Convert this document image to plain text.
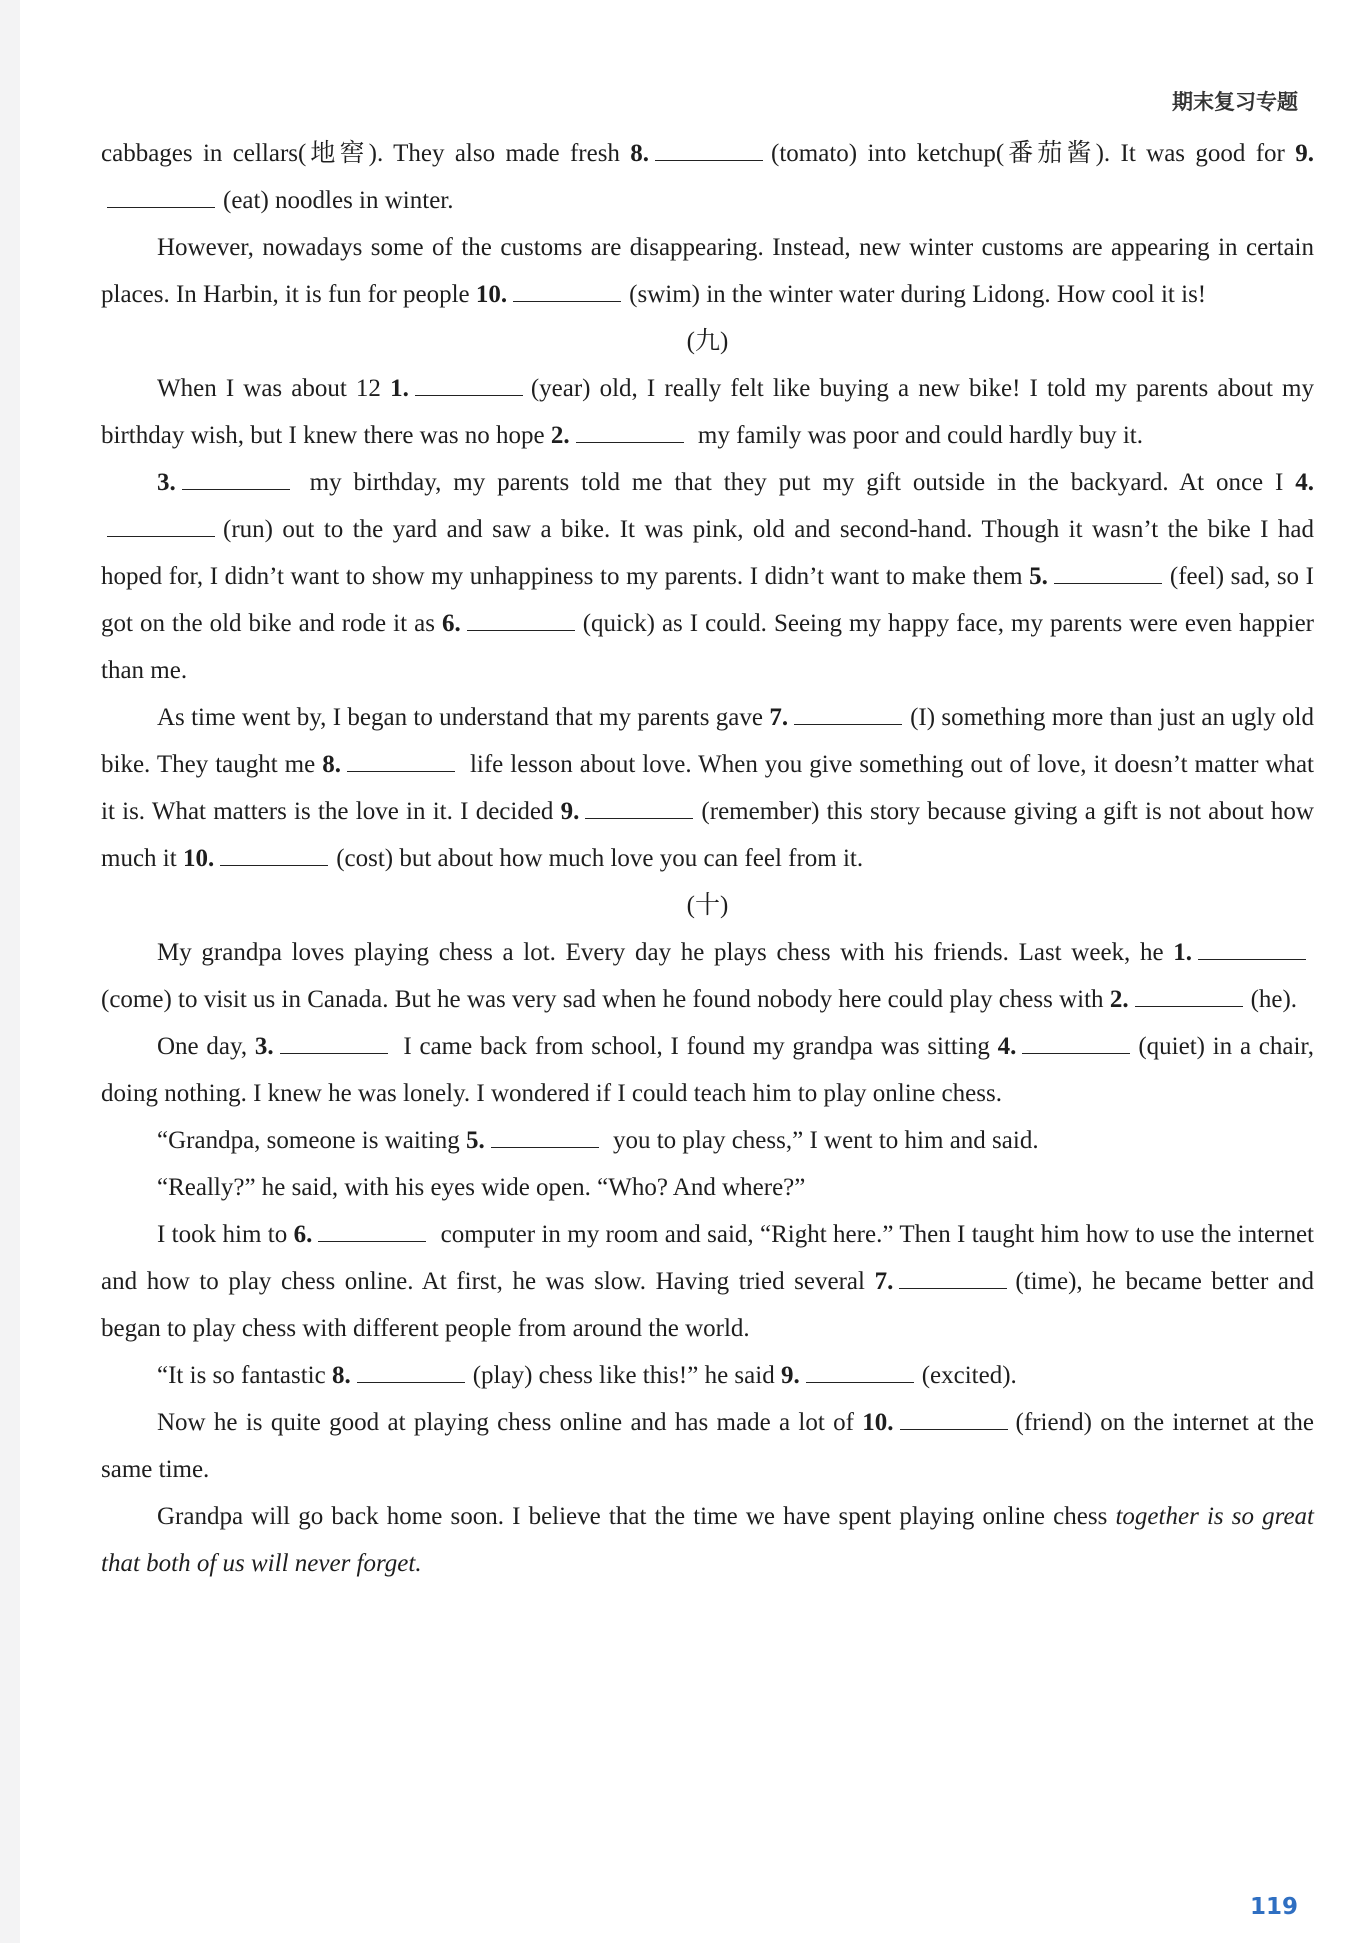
期末复习专题

cabbages in cellars(地窖). They also made fresh 8.	(tomato) into ketchup(番茄酱). It was good for 9.(eat) noodles in winter.

However, nowadays some of the customs are disappearing. Instead, new winter customs are appearing in certain places. In Harbin, it is fun for people 10.	(swim) in the winter water during Lidong. How cool it is!

(九)

When I was about 12 1.	(year) old, I really felt like buying a new bike! I told my parents about my birthday wish, but I knew there was no hope 2.	my family was poor and could hardly buy it.

3.	my birthday, my parents told me that they put my gift outside in the backyard. At once I 4.(run) out to the yard and saw a bike. It was pink, old and second-hand. Though it wasn’t the bike I had hoped for, I didn’t want to show my unhappiness to my parents. I didn’t want to make them 5.	(feel) sad, so I got on the old bike and rode it as 6.	(quick) as I could. Seeing my happy face, my parents were even happier than me.

As time went by, I began to understand that my parents gave 7.	(I) something more than just an ugly old bike. They taught me 8.	life lesson about love. When you give something out of love, it doesn’t matter what it is. What matters is the love in it. I decided 9.	(remember) this story because giving a gift is not about how much it 10.	(cost) but about how much love you can feel from it.

(十)

My grandpa loves playing chess a lot. Every day he plays chess with his friends. Last week, he 1.(come) to visit us in Canada. But he was very sad when he found nobody here could play chess with 2.	(he).

One day, 3.	I came back from school, I found my grandpa was sitting 4.	(quiet) in a chair, doing nothing. I knew he was lonely. I wondered if I could teach him to play online chess.

“Grandpa, someone is waiting 5.	you to play chess,” I went to him and said.

“Really?” he said, with his eyes wide open. “Who? And where?”

I took him to 6.	computer in my room and said, “Right here.” Then I taught him how to use the internet and how to play chess online. At first, he was slow. Having tried several 7.	(time), he became better and began to play chess with different people from around the world.

“It is so fantastic 8.	(play) chess like this!” he said 9.	(excited).

Now he is quite good at playing chess online and has made a lot of 10.	(friend) on the internet at the same time.

Grandpa will go back home soon. I believe that the time we have spent playing online chess together is so great that both of us will never forget.

119
